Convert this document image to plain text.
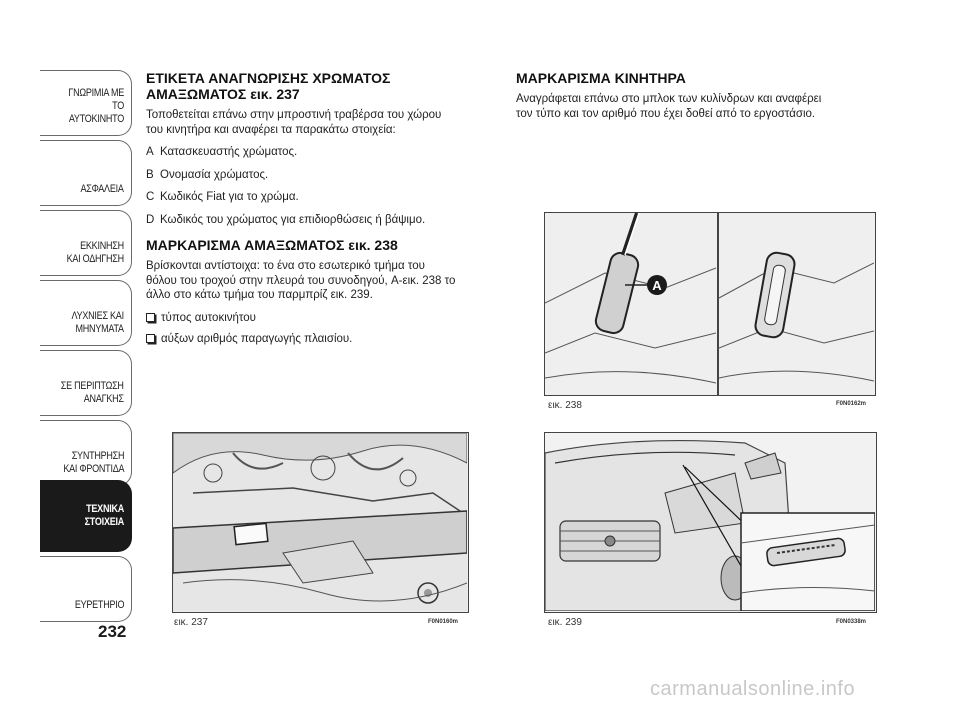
ΓΝΩΡΙΜΙΑ ΜΕ
ΤΟ ΑΥΤΟΚΙΝΗΤΟ
ΑΣΦΑΛΕΙΑ
ΕΚΚΙΝΗΣΗ
ΚΑΙ ΟΔΗΓΗΣΗ
ΛΥΧΝΙΕΣ ΚΑΙ
ΜΗΝΥΜΑΤΑ
ΣΕ ΠΕΡΙΠΤΩΣΗ
ΑΝΑΓΚΗΣ
ΣΥΝΤΗΡΗΣΗ
ΚΑΙ ΦΡΟΝΤΙΔΑ
ΤΕΧΝΙΚΑ
ΣΤΟΙΧΕΙΑ
ΕΥΡΕΤΗΡΙΟ
232
ΕΤΙΚΕΤΑ ΑΝΑΓΝΩΡΙΣΗΣ ΧΡΩΜΑΤΟΣ
ΑΜΑΞΩΜΑΤΟΣ εικ. 237
Τοποθετείται επάνω στην μπροστινή τραβέρσα του χώρου
του κινητήρα και αναφέρει τα παρακάτω στοιχεία:
A Κατασκευαστής χρώματος.
B Ονομασία χρώματος.
C Κωδικός Fiat για το χρώμα.
D Κωδικός του χρώματος για επιδιορθώσεις ή βάψιμο.
ΜΑΡΚΑΡΙΣΜΑ ΑΜΑΞΩΜΑΤΟΣ εικ. 238
Βρίσκονται αντίστοιχα: το ένα στο εσωτερικό τμήμα του
θόλου του τροχού στην πλευρά του συνοδηγού, A-εικ. 238 το
άλλο στο κάτω τμήμα του παρμπρίζ εικ. 239.
τύπος αυτοκινήτου
αύξων αριθμός παραγωγής πλαισίου.
ΜΑΡΚΑΡΙΣΜΑ ΚΙΝΗΤΗΡΑ
Αναγράφεται επάνω στο μπλοκ των κυλίνδρων και αναφέρει
τον τύπο και τον αριθμό που έχει δοθεί από το εργοστάσιο.
εικ. 237	F0N0160m
A
εικ. 238	F0N0162m
εικ. 239	F0N0338m
carmanualsonline.info
